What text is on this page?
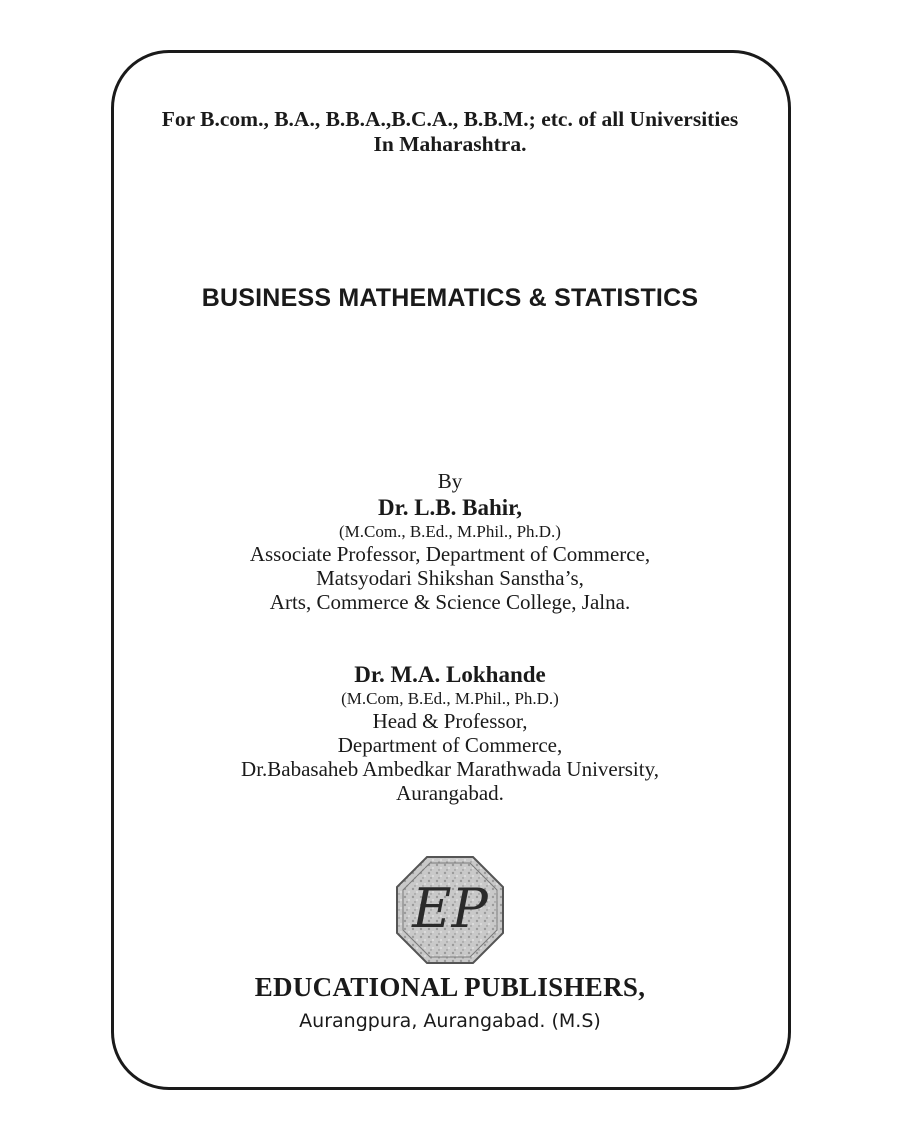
For B.com., B.A., B.B.A.,B.C.A., B.B.M.; etc. of all Universities
In Maharashtra.
BUSINESS MATHEMATICS & STATISTICS
By
Dr. L.B. Bahir,
(M.Com., B.Ed., M.Phil., Ph.D.)
Associate Professor, Department of Commerce,
Matsyodari Shikshan Sanstha’s,
Arts, Commerce & Science College, Jalna.
Dr. M.A. Lokhande
(M.Com, B.Ed., M.Phil., Ph.D.)
Head & Professor,
Department of Commerce,
Dr.Babasaheb Ambedkar Marathwada University,
Aurangabad.
EP
EDUCATIONAL PUBLISHERS,
Aurangpura, Aurangabad. (M.S)
